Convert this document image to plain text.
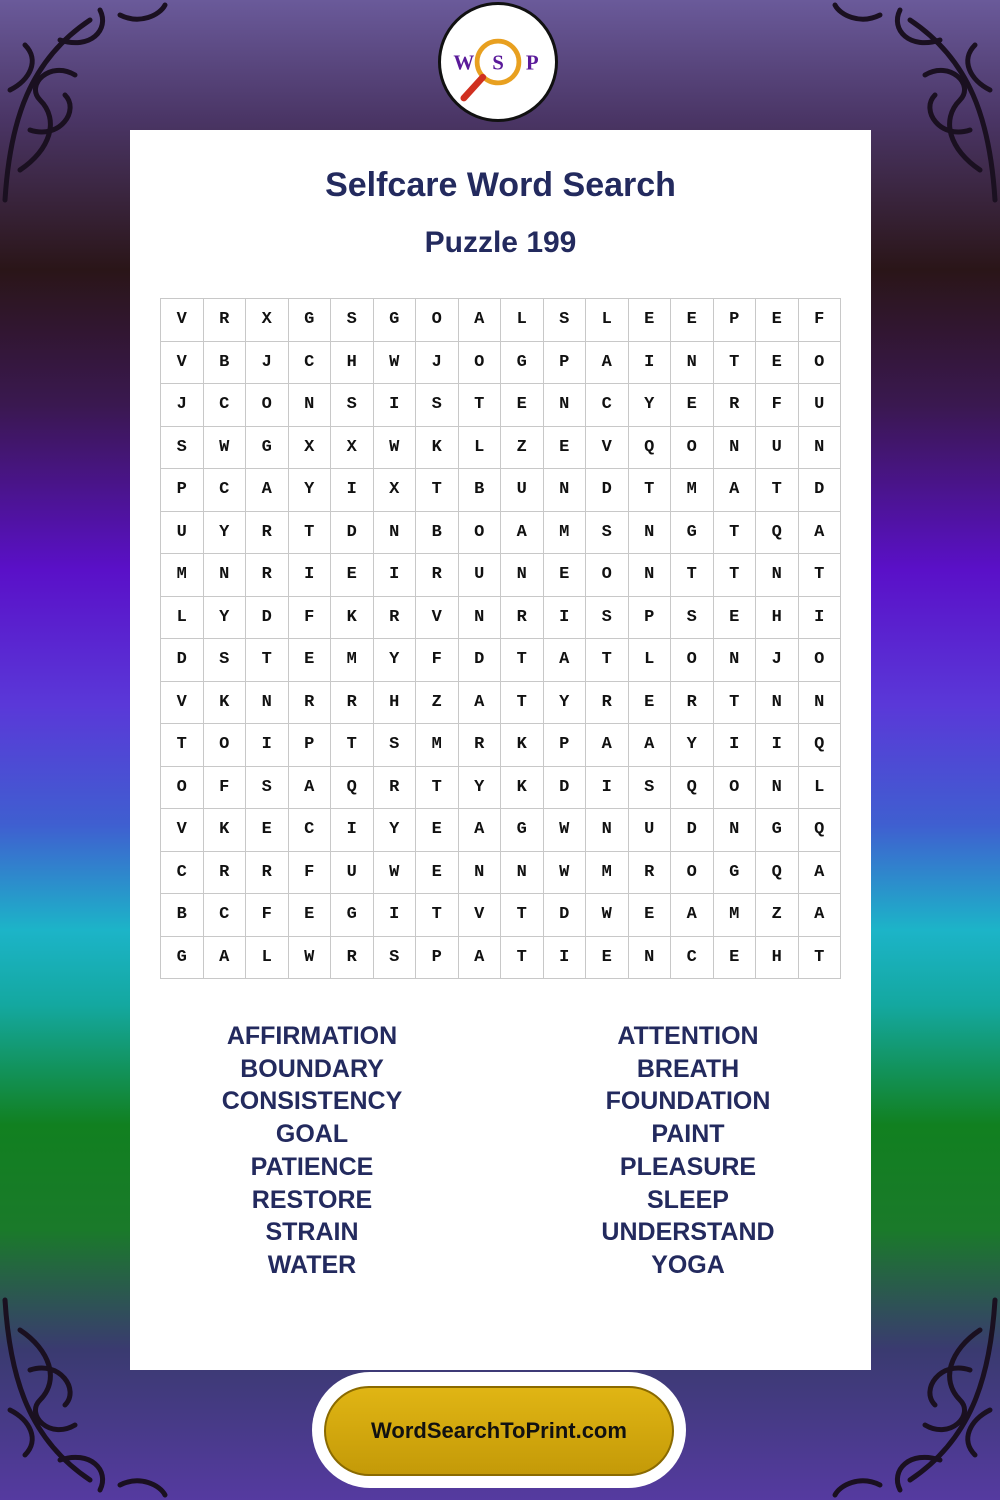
W S P
Selfcare Word Search
Puzzle 199
V	R	X	G	S	G	O	A	L	S	L	E	E	P	E	F
V	B	J	C	H	W	J	O	G	P	A	I	N	T	E	O
J	C	O	N	S	I	S	T	E	N	C	Y	E	R	F	U
S	W	G	X	X	W	K	L	Z	E	V	Q	O	N	U	N
P	C	A	Y	I	X	T	B	U	N	D	T	M	A	T	D
U	Y	R	T	D	N	B	O	A	M	S	N	G	T	Q	A
M	N	R	I	E	I	R	U	N	E	O	N	T	T	N	T
L	Y	D	F	K	R	V	N	R	I	S	P	S	E	H	I
D	S	T	E	M	Y	F	D	T	A	T	L	O	N	J	O
V	K	N	R	R	H	Z	A	T	Y	R	E	R	T	N	N
T	O	I	P	T	S	M	R	K	P	A	A	Y	I	I	Q
O	F	S	A	Q	R	T	Y	K	D	I	S	Q	O	N	L
V	K	E	C	I	Y	E	A	G	W	N	U	D	N	G	Q
C	R	R	F	U	W	E	N	N	W	M	R	O	G	Q	A
B	C	F	E	G	I	T	V	T	D	W	E	A	M	Z	A
G	A	L	W	R	S	P	A	T	I	E	N	C	E	H	T
AFFIRMATION
BOUNDARY
CONSISTENCY
GOAL
PATIENCE
RESTORE
STRAIN
WATER
ATTENTION
BREATH
FOUNDATION
PAINT
PLEASURE
SLEEP
UNDERSTAND
YOGA
WordSearchToPrint.com
